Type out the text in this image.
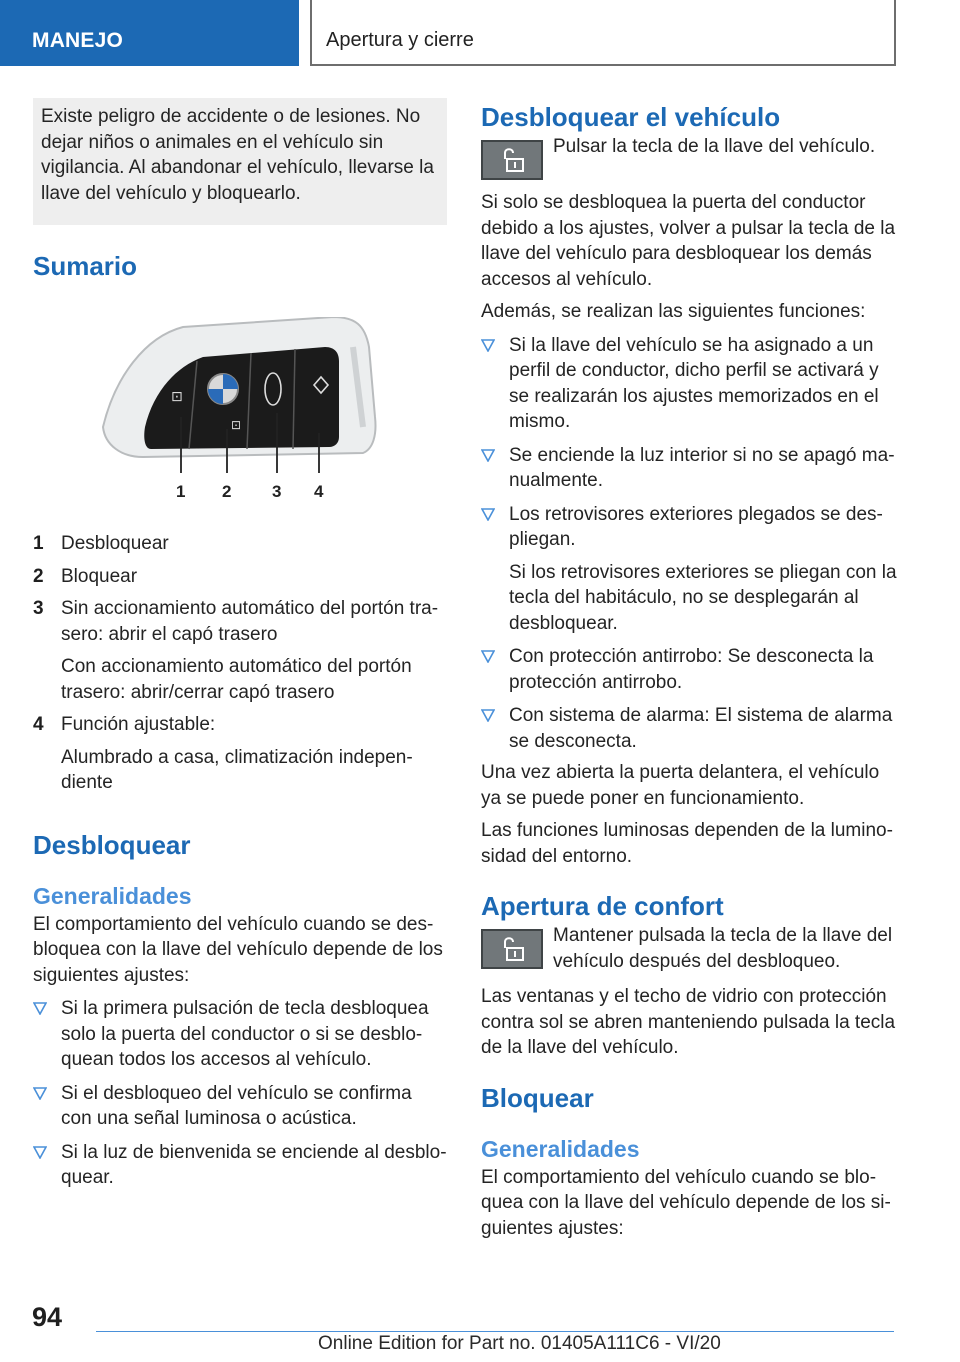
MANEJO	Apertura y cierre

Existe peligro de accidente o de lesiones. No dejar niños o animales en el vehículo sin vigilancia. Al abandonar el vehículo, llevarse la llave del vehículo y bloquearlo.

Sumario
⊡
⊡
1 2 3 4
1 Desbloquear

2 Bloquear

3 Sin accionamiento automático del portón trasero: abrir el capó trasero

Con accionamiento automático del portón trasero: abrir/cerrar capó trasero

4 Función ajustable:

Alumbrado a casa, climatización independiente

Desbloquear
Generalidades

El comportamiento del vehículo cuando se desbloquea con la llave del vehículo depende de los siguientes ajustes:

Si la primera pulsación de tecla desbloquea solo la puerta del conductor o si se desbloquean todos los accesos al vehículo.

Si el desbloqueo del vehículo se confirma con una señal luminosa o acústica.

Si la luz de bienvenida se enciende al desbloquear.

Desbloquear el vehículo

Pulsar la tecla de la llave del vehículo.

Si solo se desbloquea la puerta del conductor debido a los ajustes, volver a pulsar la tecla de la llave del vehículo para desbloquear los demás accesos al vehículo.

Además, se realizan las siguientes funciones:

Si la llave del vehículo se ha asignado a un perfil de conductor, dicho perfil se activará y se realizarán los ajustes memorizados en el mismo.

Se enciende la luz interior si no se apagó manualmente.

Los retrovisores exteriores plegados se despliegan.

Si los retrovisores exteriores se pliegan con la tecla del habitáculo, no se desplegarán al desbloquear.

Con protección antirrobo: Se desconecta la protección antirrobo.

Con sistema de alarma: El sistema de alarma se desconecta.

Una vez abierta la puerta delantera, el vehículo ya se puede poner en funcionamiento.

Las funciones luminosas dependen de la luminosidad del entorno.

Apertura de confort

Mantener pulsada la tecla de la llave del vehículo después del desbloqueo.

Las ventanas y el techo de vidrio con protección contra sol se abren manteniendo pulsada la tecla de la llave del vehículo.

Bloquear
Generalidades

El comportamiento del vehículo cuando se bloquea con la llave del vehículo depende de los siguientes ajustes:

94
Online Edition for Part no. 01405A111C6 - VI/20
